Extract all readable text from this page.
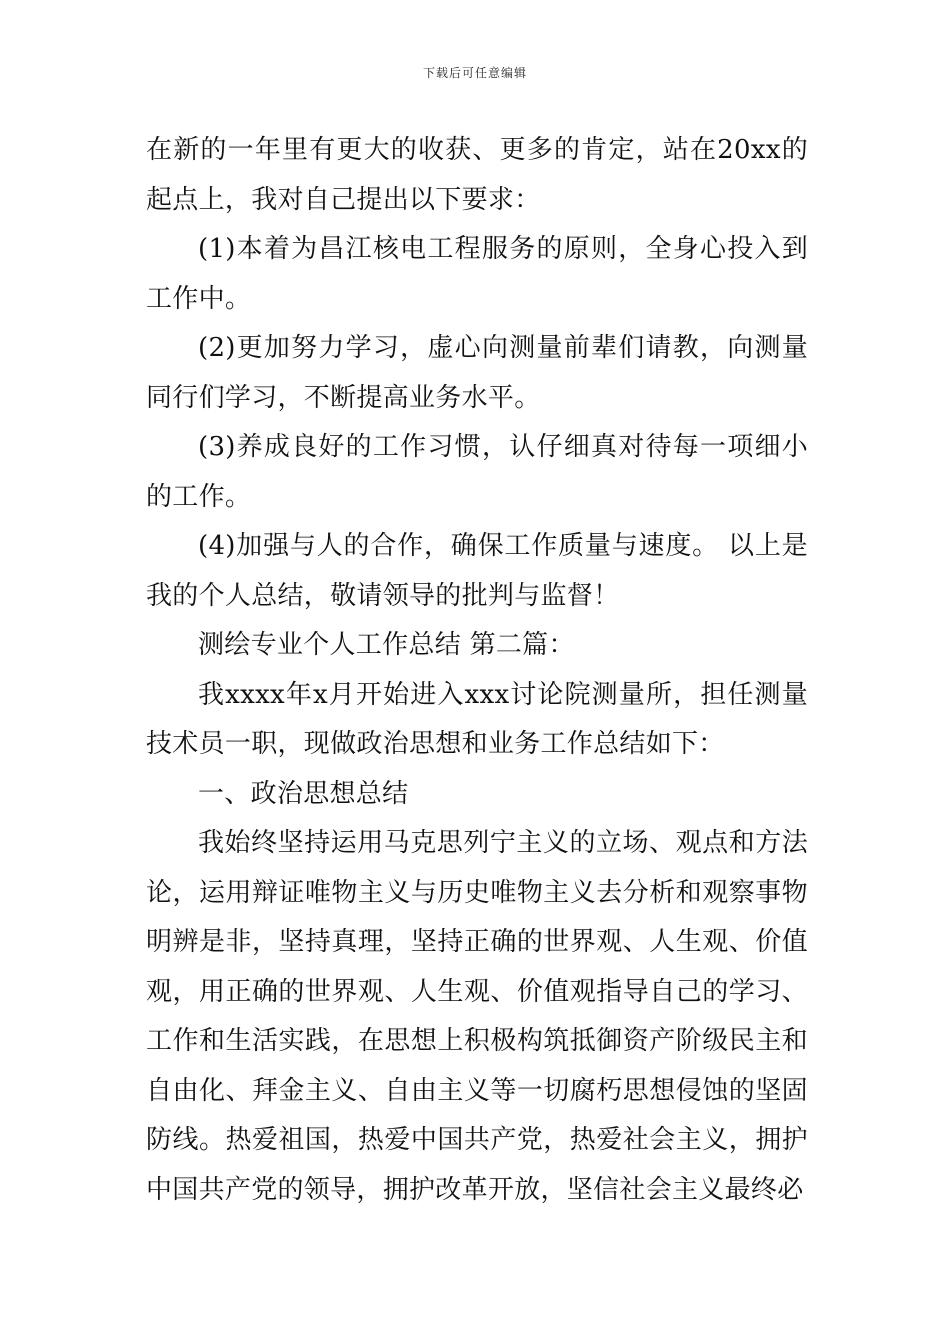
下载后可任意编辑

在新的一年里有更大的收获、更多的肯定，站在20xx的起点上，我对自己提出以下要求：

(1)本着为昌江核电工程服务的原则，全身心投入到工作中。

(2)更加努力学习，虚心向测量前辈们请教，向测量同行们学习，不断提高业务水平。

(3)养成良好的工作习惯，认仔细真对待每一项细小的工作。

(4)加强与人的合作，确保工作质量与速度。 以上是我的个人总结，敬请领导的批判与监督！

测绘专业个人工作总结 第二篇：

我xxxx年x月开始进入xxx讨论院测量所，担任测量技术员一职，现做政治思想和业务工作总结如下：

一、政治思想总结

我始终坚持运用马克思列宁主义的立场、观点和方法论，运用辩证唯物主义与历史唯物主义去分析和观察事物明辨是非，坚持真理，坚持正确的世界观、人生观、价值观，用正确的世界观、人生观、价值观指导自己的学习、工作和生活实践，在思想上积极构筑抵御资产阶级民主和自由化、拜金主义、自由主义等一切腐朽思想侵蚀的坚固防线。热爱祖国，热爱中国共产党，热爱社会主义，拥护中国共产党的领导，拥护改革开放，坚信社会主义最终必
